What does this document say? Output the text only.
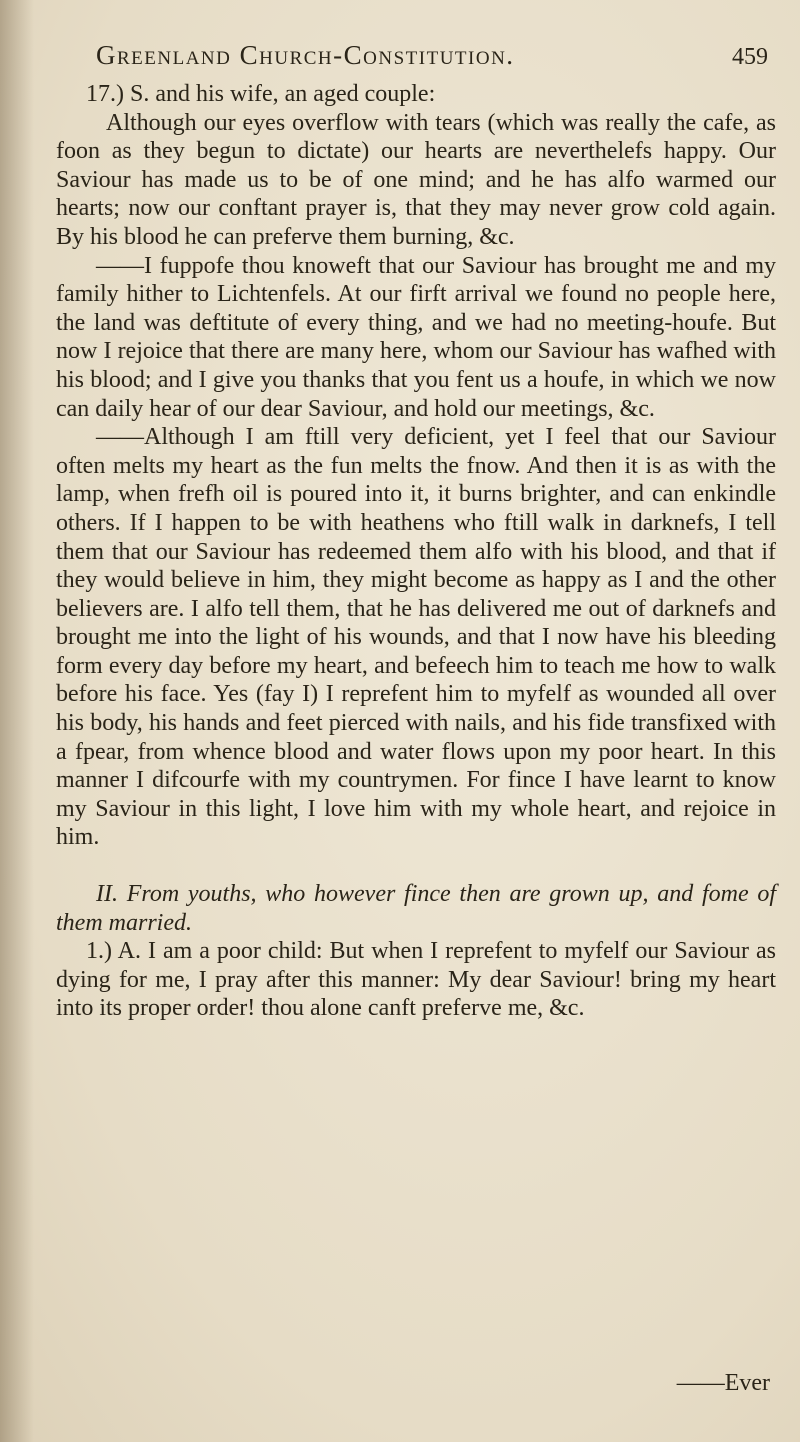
Greenland Church-Constitution.	459

17.) S. and his wife, an aged couple:

Although our eyes overflow with tears (which was really the cafe, as foon as they begun to dictate) our hearts are neverthelefs happy. Our Saviour has made us to be of one mind; and he has alfo warmed our hearts; now our conftant prayer is, that they may never grow cold again. By his blood he can preferve them burning, &c.

——I fuppofe thou knoweft that our Saviour has brought me and my family hither to Lichtenfels. At our firft arrival we found no people here, the land was deftitute of every thing, and we had no meeting-houfe. But now I rejoice that there are many here, whom our Saviour has wafhed with his blood; and I give you thanks that you fent us a houfe, in which we now can daily hear of our dear Saviour, and hold our meetings, &c.

——Although I am ftill very deficient, yet I feel that our Saviour often melts my heart as the fun melts the fnow. And then it is as with the lamp, when frefh oil is poured into it, it burns brighter, and can enkindle others. If I happen to be with heathens who ftill walk in darknefs, I tell them that our Saviour has redeemed them alfo with his blood, and that if they would believe in him, they might become as happy as I and the other believers are. I alfo tell them, that he has delivered me out of darknefs and brought me into the light of his wounds, and that I now have his bleeding form every day before my heart, and befeech him to teach me how to walk before his face. Yes (fay I) I reprefent him to myfelf as wounded all over his body, his hands and feet pierced with nails, and his fide transfixed with a fpear, from whence blood and water flows upon my poor heart. In this manner I difcourfe with my countrymen. For fince I have learnt to know my Saviour in this light, I love him with my whole heart, and rejoice in him.

II. From youths, who however fince then are grown up, and fome of them married.

1.) A. I am a poor child: But when I reprefent to myfelf our Saviour as dying for me, I pray after this manner: My dear Saviour! bring my heart into its proper order! thou alone canft preferve me, &c.

——Ever
